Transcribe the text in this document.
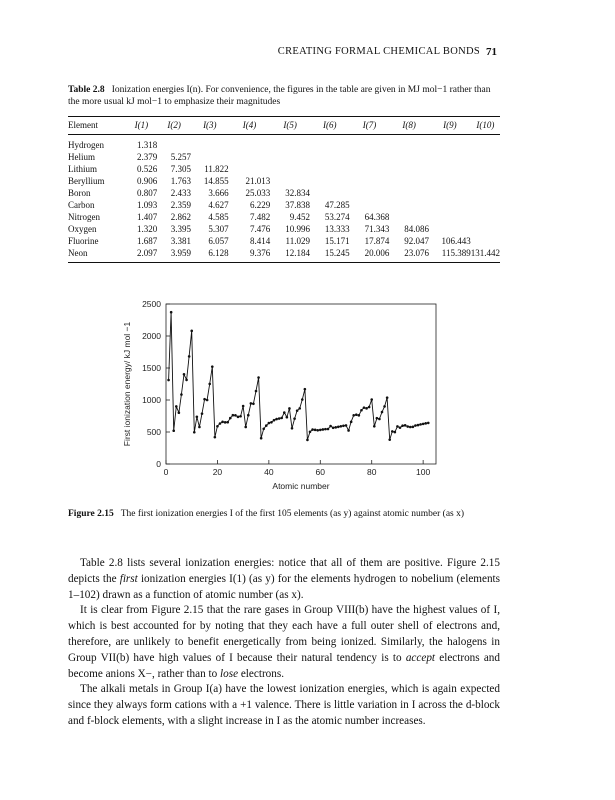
CREATING FORMAL CHEMICAL BONDS 71
Table 2.8 Ionization energies I(n). For convenience, the figures in the table are given in MJ mol−1 rather than the more usual kJ mol−1 to emphasize their magnitudes
Element	I(1)	I(2)	I(3)	I(4)	I(5)	I(6)	I(7)	I(8)	I(9)	I(10)
Hydrogen	1.318									
Helium	2.379	5.257								
Lithium	0.526	7.305	11.822							
Beryllium	0.906	1.763	14.855	21.013						
Boron	0.807	2.433	3.666	25.033	32.834					
Carbon	1.093	2.359	4.627	6.229	37.838	47.285				
Nitrogen	1.407	2.862	4.585	7.482	9.452	53.274	64.368			
Oxygen	1.320	3.395	5.307	7.476	10.996	13.333	71.343	84.086		
Fluorine	1.687	3.381	6.057	8.414	11.029	15.171	17.874	92.047	106.443	
Neon	2.097	3.959	6.128	9.376	12.184	15.245	20.006	23.076	115.389	131.442
0
500
1000
1500
2000
2500
0	20	40	60	80	100
Atomic number
First ionization energy/ kJ mol −1
Figure 2.15 The first ionization energies I of the first 105 elements (as y) against atomic number (as x)

Table 2.8 lists several ionization energies: notice that all of them are positive. Figure 2.15 depicts the first ionization energies I(1) (as y) for the elements hydrogen to nobelium (elements 1–102) drawn as a function of atomic number (as x).

It is clear from Figure 2.15 that the rare gases in Group VIII(b) have the highest values of I, which is best accounted for by noting that they each have a full outer shell of electrons and, therefore, are unlikely to benefit energetically from being ionized. Similarly, the halogens in Group VII(b) have high values of I because their natural tendency is to accept electrons and become anions X−, rather than to lose electrons.

The alkali metals in Group I(a) have the lowest ionization energies, which is again expected since they always form cations with a +1 valence. There is little variation in I across the d-block and f-block elements, with a slight increase in I as the atomic number increases.
